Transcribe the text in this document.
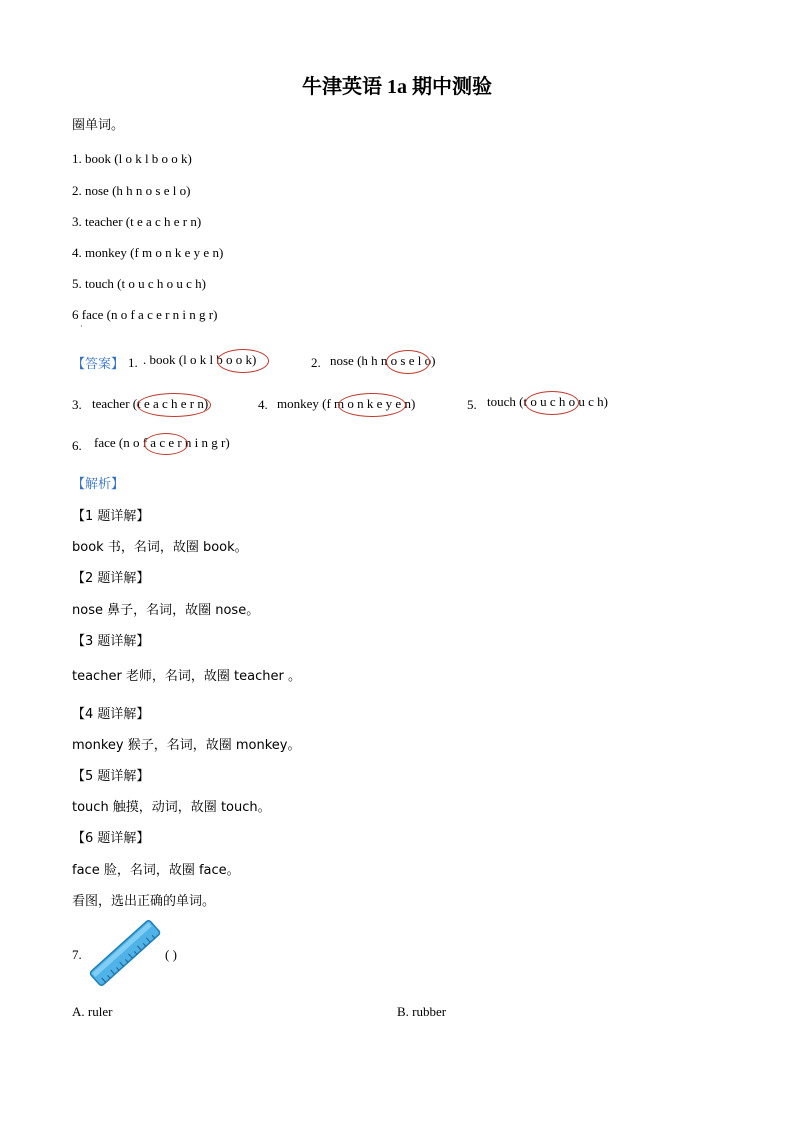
牛津英语 1a 期中测验
圈单词。
1. book (l o k l b o o k)
2. nose (h h n o s e l o)
3. teacher (t e a c h e r n)
4. monkey (f m o n k e y e n)
5. touch (t o u c h o u c h)
6 face (n o f a c e r n i n g r)
·
【答案】 1. . book (l o k l b o o k)	2. nose (h h n o s e l o)
3. teacher (t e a c h e r n)	4. monkey (f m o n k e y e n)	5. touch (t o u c h o u c h)
6. face (n o f a c e r n i n g r)
【解析】
【1 题详解】
book 书，名词，故圈 book。
【2 题详解】
nose 鼻子，名词，故圈 nose。
【3 题详解】
teacher 老师，名词，故圈 teacher 。
【4 题详解】
monkey 猴子，名词，故圈 monkey。
【5 题详解】
touch 触摸，动词，故圈 touch。
【6 题详解】
face 脸，名词，故圈 face。
看图，选出正确的单词。
7.	( )
A. ruler	B. rubber
